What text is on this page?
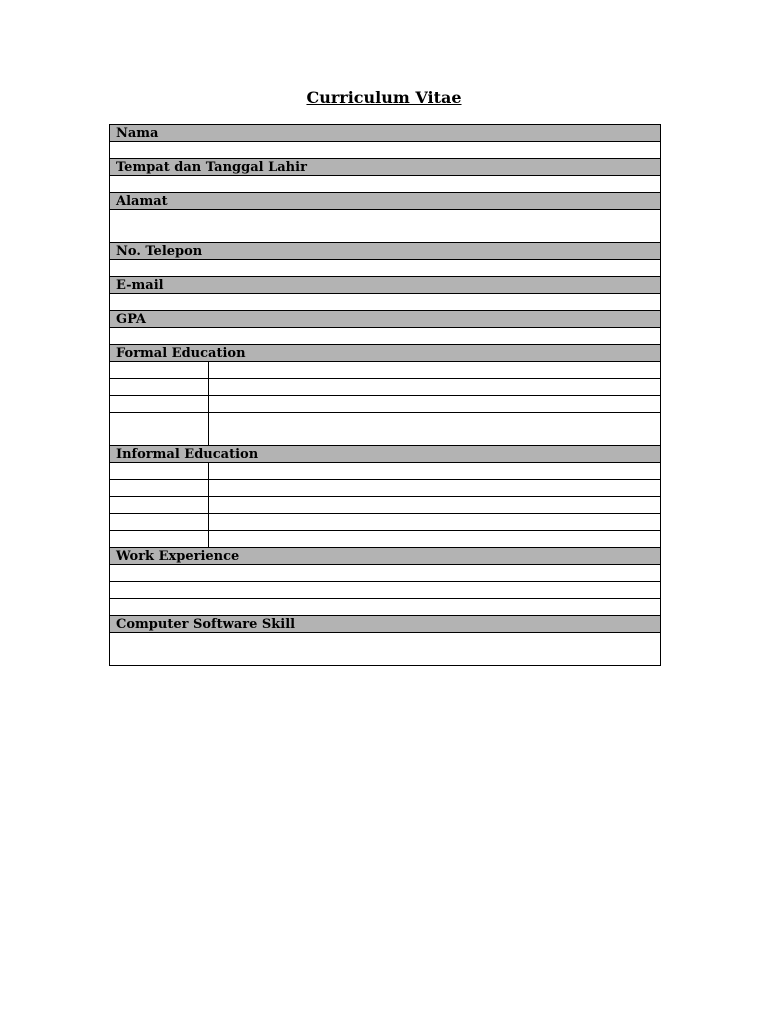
Curriculum Vitae
Nama	

Tempat dan Tanggal Lahir	

Alamat	

No. Telepon	

E-mail	

GPA	

Formal Education	

Informal Education	

Work Experience	

Computer Software Skill	
